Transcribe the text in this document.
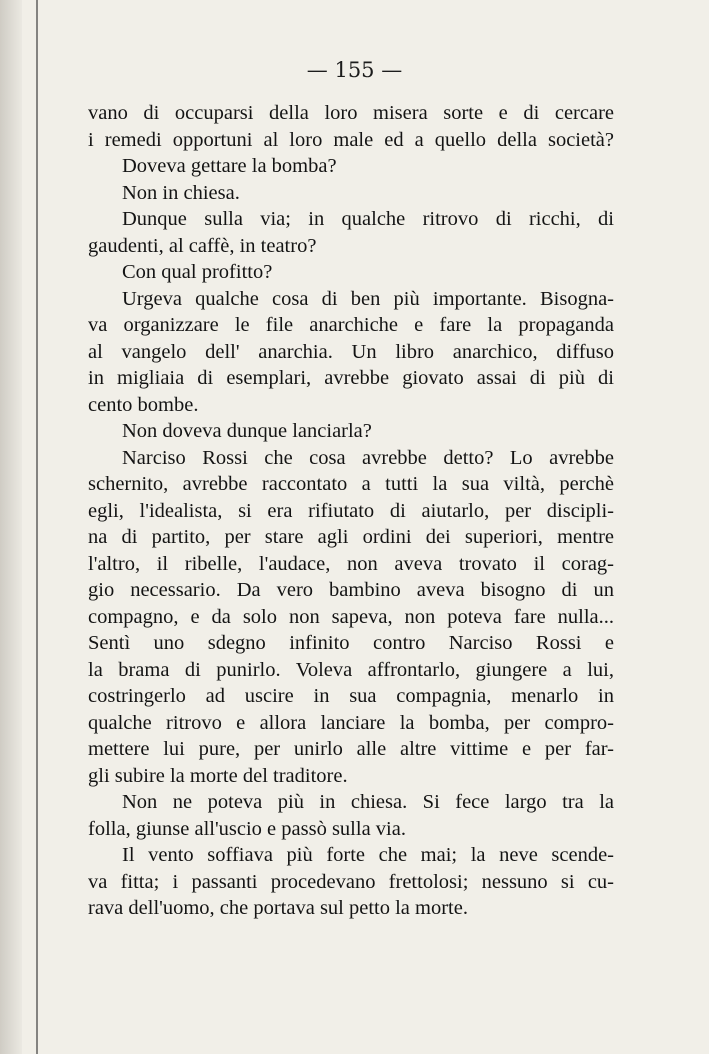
— 155 —
vano di occuparsi della loro misera sorte e di cercare
i remedi opportuni al loro male ed a quello della società?
Doveva gettare la bomba?
Non in chiesa.
Dunque sulla via; in qualche ritrovo di ricchi, di
gaudenti, al caffè, in teatro?
Con qual profitto?
Urgeva qualche cosa di ben più importante. Bisogna-
va organizzare le file anarchiche e fare la propaganda
al vangelo dell' anarchia. Un libro anarchico, diffuso
in migliaia di esemplari, avrebbe giovato assai di più di
cento bombe.
Non doveva dunque lanciarla?
Narciso Rossi che cosa avrebbe detto? Lo avrebbe
schernito, avrebbe raccontato a tutti la sua viltà, perchè
egli, l'idealista, si era rifiutato di aiutarlo, per discipli-
na di partito, per stare agli ordini dei superiori, mentre
l'altro, il ribelle, l'audace, non aveva trovato il corag-
gio necessario. Da vero bambino aveva bisogno di un
compagno, e da solo non sapeva, non poteva fare nulla...
Sentì uno sdegno infinito contro Narciso Rossi e
la brama di punirlo. Voleva affrontarlo, giungere a lui,
costringerlo ad uscire in sua compagnia, menarlo in
qualche ritrovo e allora lanciare la bomba, per compro-
mettere lui pure, per unirlo alle altre vittime e per far-
gli subire la morte del traditore.
Non ne poteva più in chiesa. Si fece largo tra la
folla, giunse all'uscio e passò sulla via.
Il vento soffiava più forte che mai; la neve scende-
va fitta; i passanti procedevano frettolosi; nessuno si cu-
rava dell'uomo, che portava sul petto la morte.
